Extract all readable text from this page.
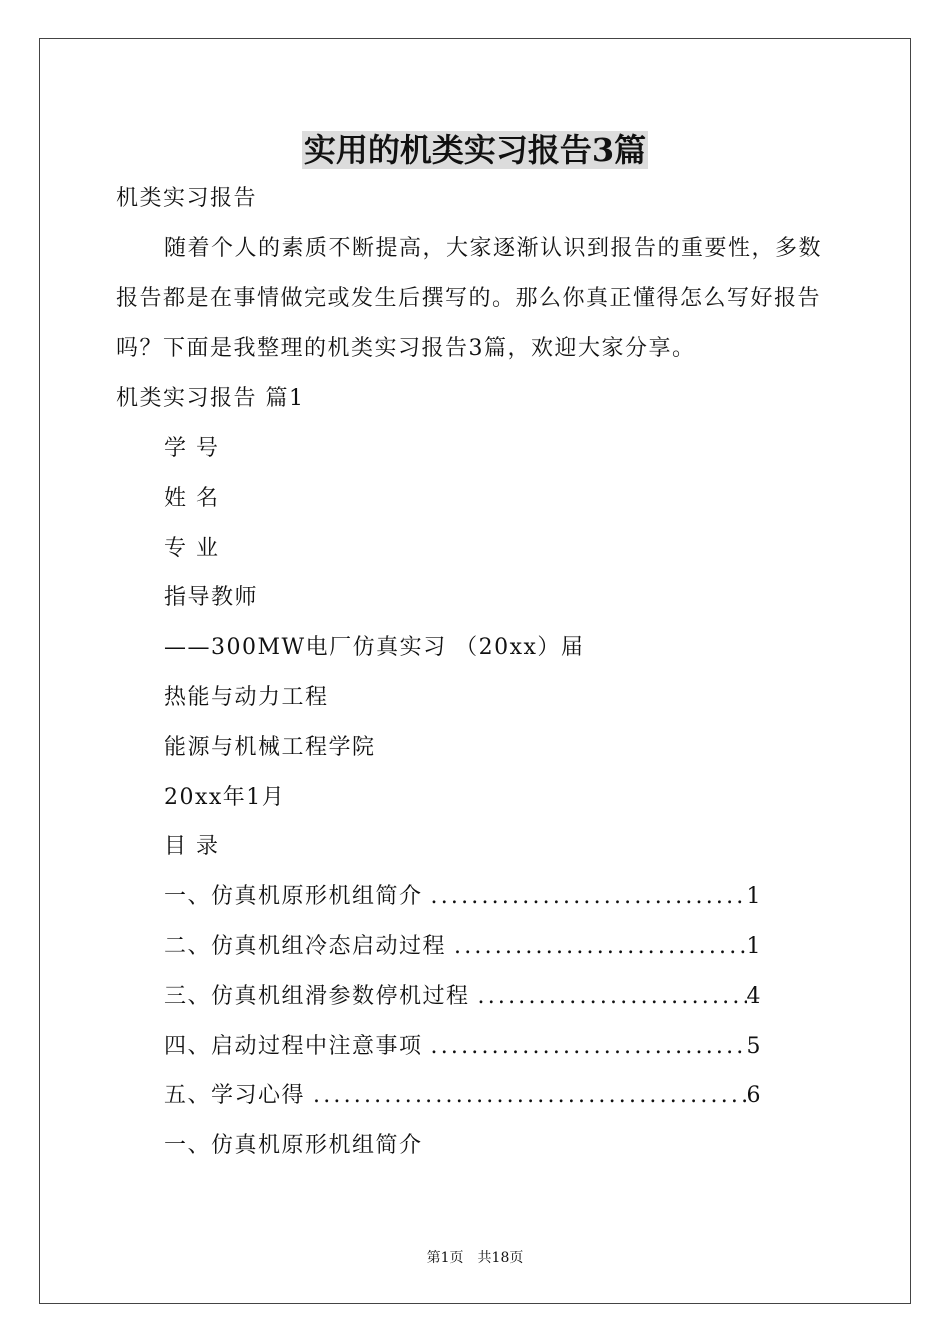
实用的机类实习报告3篇
机类实习报告
随着个人的素质不断提高，大家逐渐认识到报告的重要性，多数
报告都是在事情做完或发生后撰写的。那么你真正懂得怎么写好报告
吗？下面是我整理的机类实习报告3篇，欢迎大家分享。
机类实习报告 篇1
学 号
姓 名
专 业
指导教师
——300MW电厂仿真实习 （20xx）届
热能与动力工程
能源与机械工程学院
20xx年1月
目 录
一、仿真机原形机组简介 .....	1
二、仿真机组冷态启动过程 .....	1
三、仿真机组滑参数停机过程 .....	4
四、启动过程中注意事项 .....	5
五、学习心得 .....	6
一、仿真机原形机组简介
第1页　共18页
